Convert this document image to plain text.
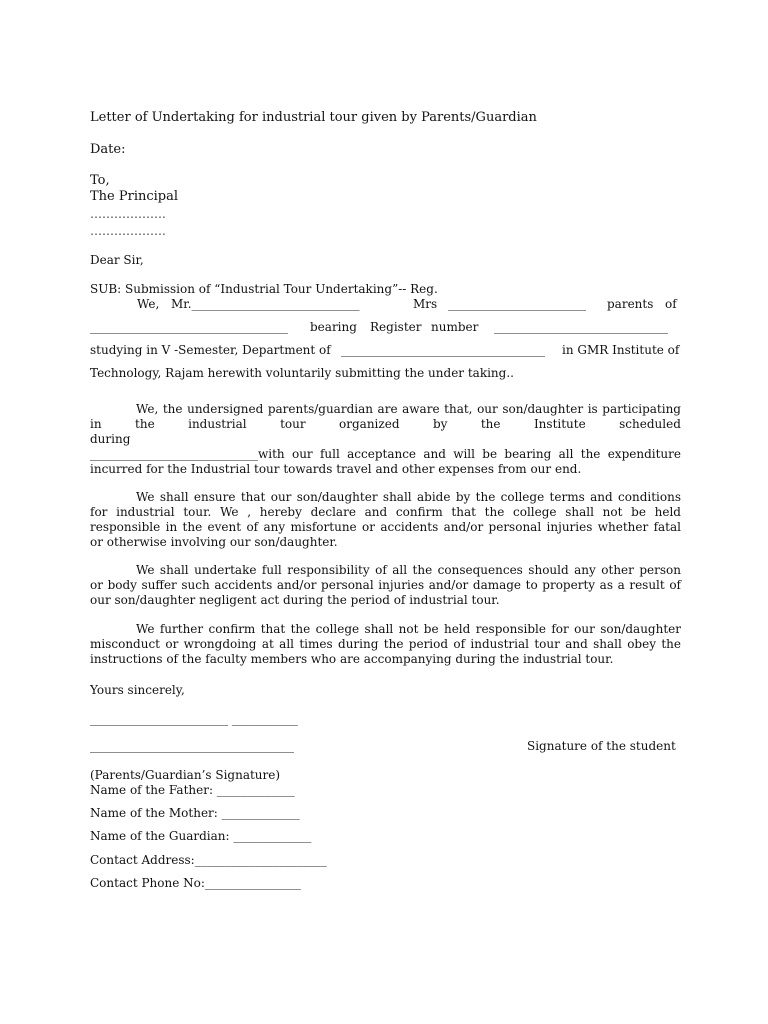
Letter of Undertaking for industrial tour given by Parents/Guardian
Date:
To,
The Principal
……………….
……………….
Dear Sir,
SUB: Submission of “Industrial Tour Undertaking”-- Reg.
We, Mr.____________________________	Mrs _______________________ parents of
_________________________________ bearing Register number _____________________________
studying in V -Semester, Department of __________________________________ in GMR Institute of
Technology, Rajam herewith voluntarily submitting the under taking..
We, the undersigned parents/guardian are aware that, our son/daughter is participating
in	the	industrial	tour	organized	by	the	Institute	scheduled
during
____________________________with our full acceptance and will be bearing all the expenditure
incurred for the Industrial tour towards travel and other expenses from our end.
We shall ensure that our son/daughter shall abide by the college terms and conditions
for industrial tour. We , hereby declare and confirm that the college shall not be held
responsible in the event of any misfortune or accidents and/or personal injuries whether fatal
or otherwise involving our son/daughter.
We shall undertake full responsibility of all the consequences should any other person
or body suffer such accidents and/or personal injuries and/or damage to property as a result of
our son/daughter negligent act during the period of industrial tour.
We further confirm that the college shall not be held responsible for our son/daughter
misconduct or wrongdoing at all times during the period of industrial tour and shall obey the
instructions of the faculty members who are accompanying during the industrial tour.
Yours sincerely,
_______________________ ___________
__________________________________	Signature of the student
(Parents/Guardian’s Signature)
Name of the Father: _____________
Name of the Mother: _____________
Name of the Guardian: _____________
Contact Address:______________________
Contact Phone No:________________
